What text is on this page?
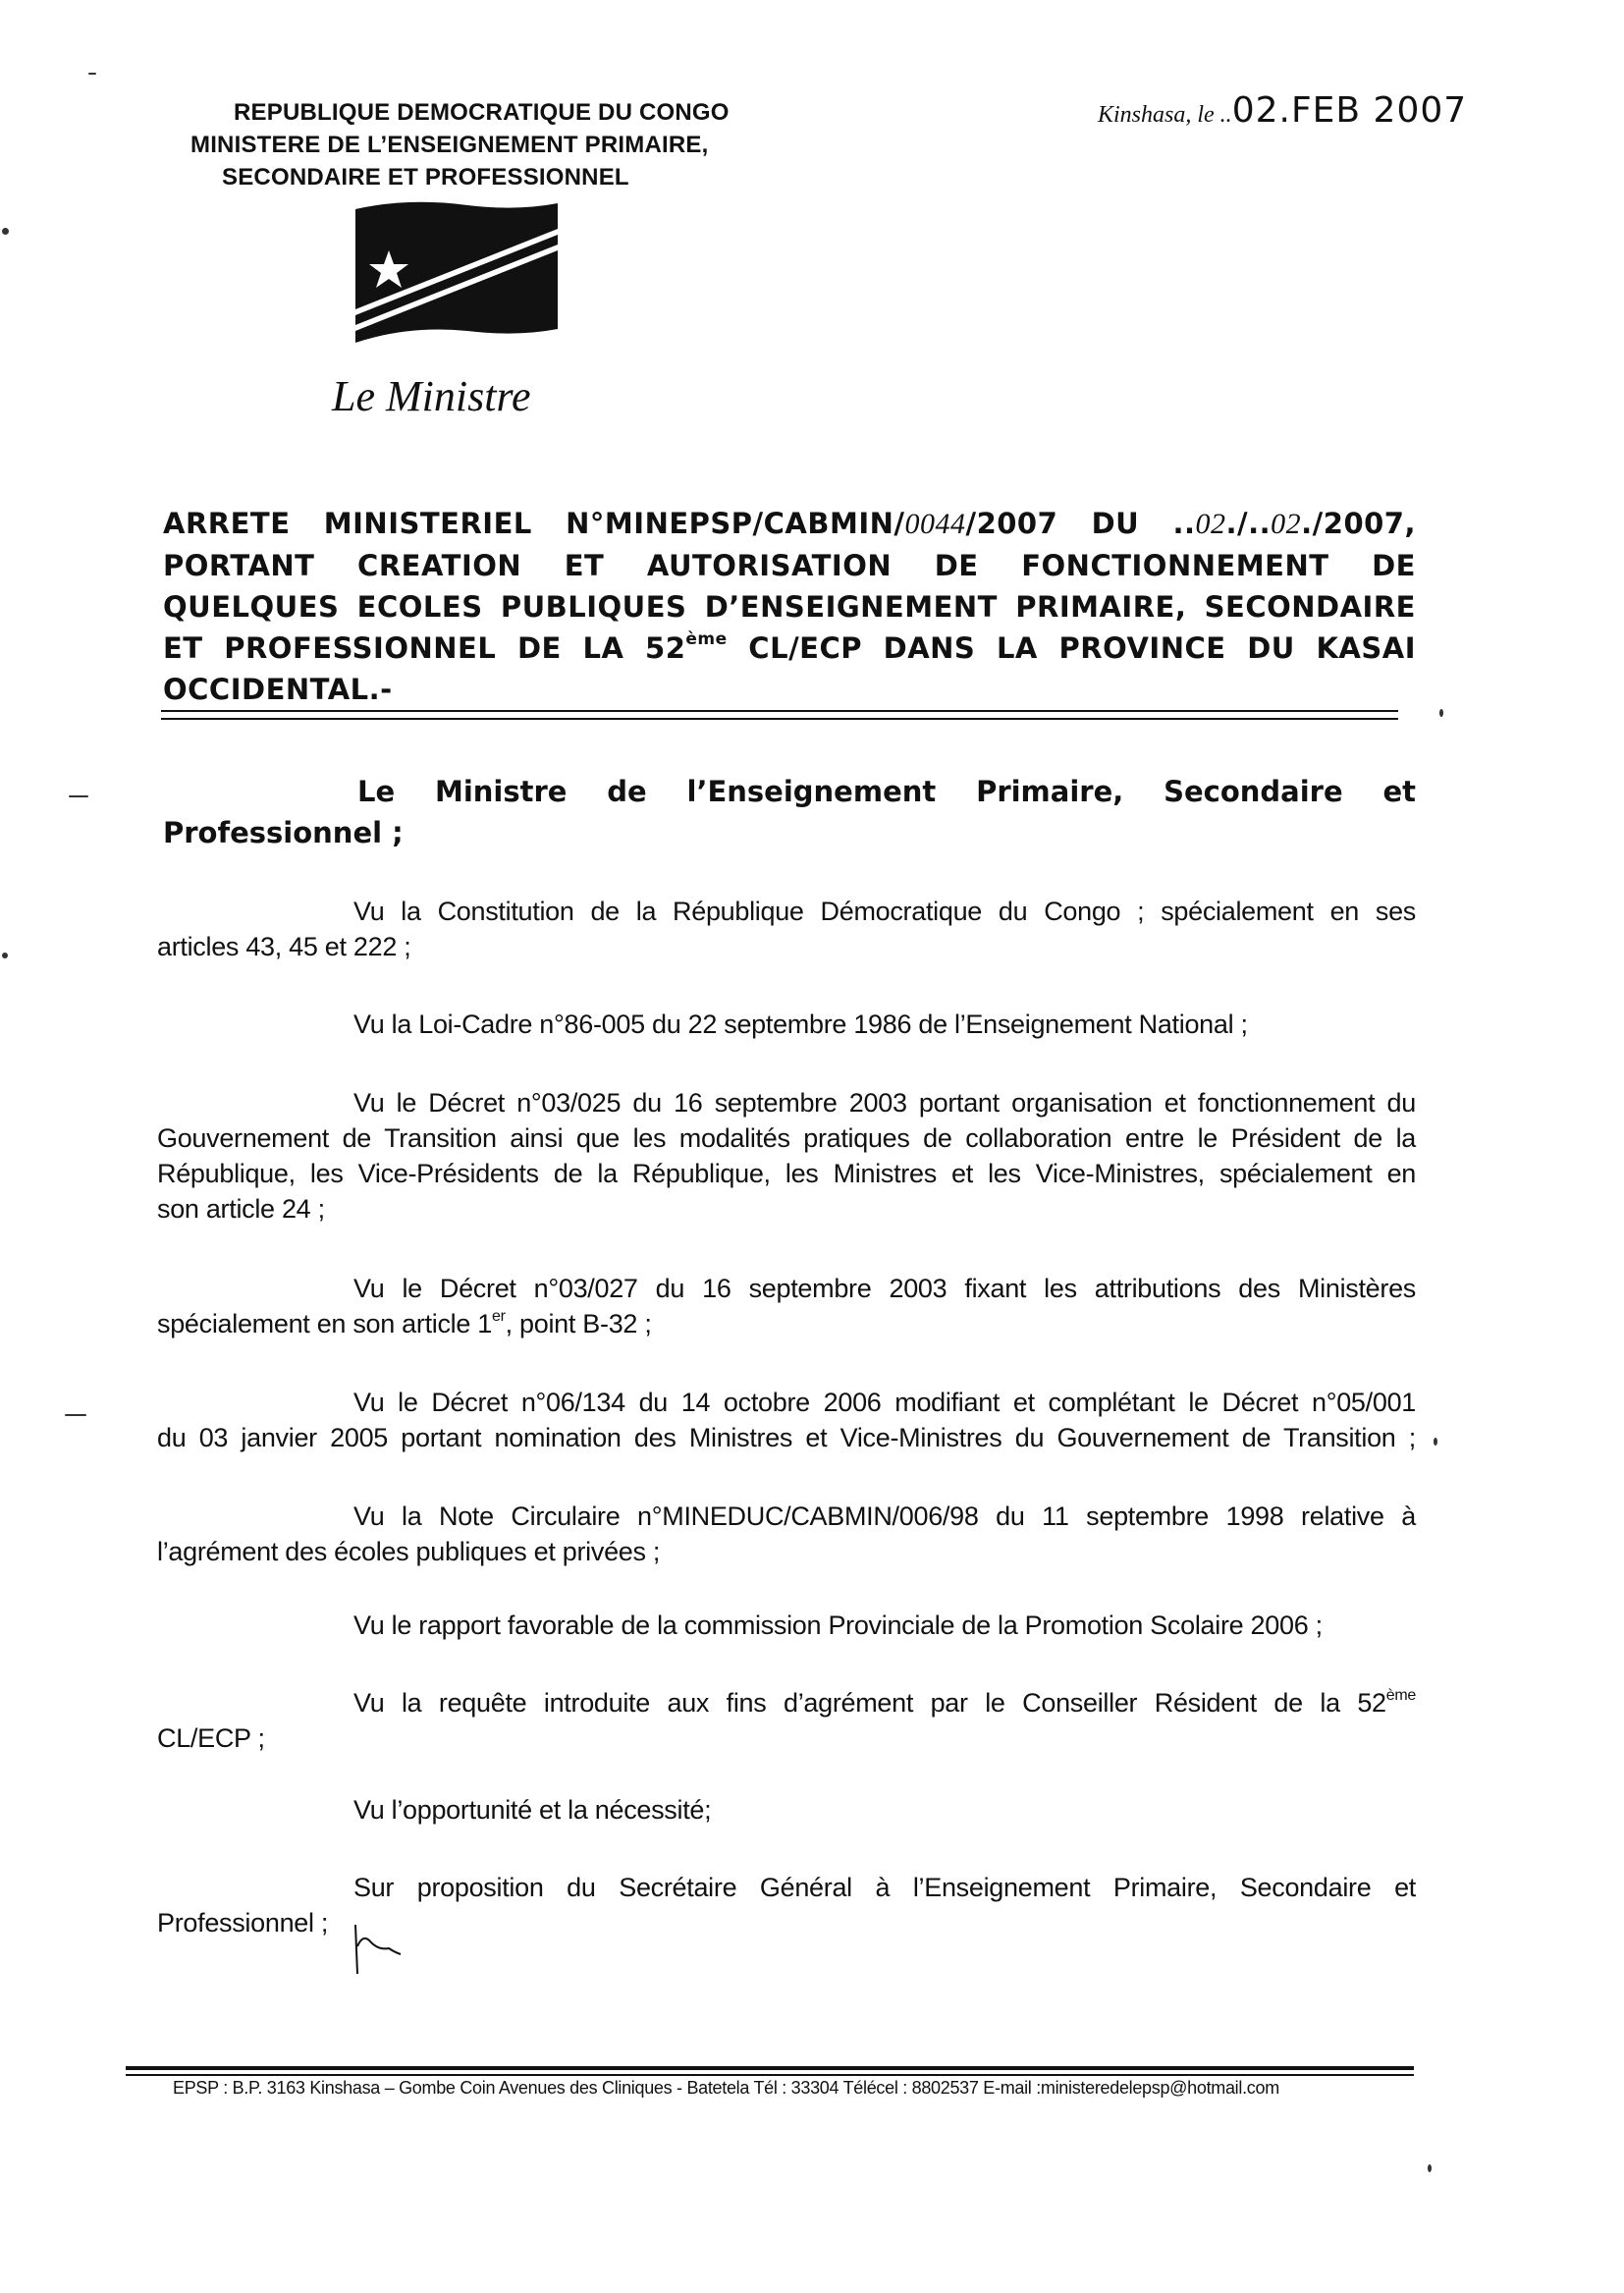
REPUBLIQUE DEMOCRATIQUE DU CONGO
MINISTERE DE L’ENSEIGNEMENT PRIMAIRE,
SECONDAIRE ET PROFESSIONNEL
Kinshasa, le ..02.FEB 2007
Le Ministre
ARRETE MINISTERIEL N°MINEPSP/CABMIN/0044/2007 DU ..02./..02./2007,
PORTANT CREATION ET AUTORISATION DE FONCTIONNEMENT DE
QUELQUES ECOLES PUBLIQUES D’ENSEIGNEMENT PRIMAIRE, SECONDAIRE
ET PROFESSIONNEL DE LA 52ème CL/ECP DANS LA PROVINCE DU KASAI
OCCIDENTAL.-
Le Ministre de l’Enseignement Primaire, Secondaire et
Professionnel ;
Vu la Constitution de la République Démocratique du Congo ; spécialement en ses
articles 43, 45 et 222 ;
Vu la Loi-Cadre n°86-005 du 22 septembre 1986 de l’Enseignement National ;
Vu le Décret n°03/025 du 16 septembre 2003 portant organisation et fonctionnement du
Gouvernement de Transition ainsi que les modalités pratiques de collaboration entre le Président de la
République, les Vice-Présidents de la République, les Ministres et les Vice-Ministres, spécialement en
son article 24 ;
Vu le Décret n°03/027 du 16 septembre 2003 fixant les attributions des Ministères
spécialement en son article 1er, point B-32 ;
Vu le Décret n°06/134 du 14 octobre 2006 modifiant et complétant le Décret n°05/001
du 03 janvier 2005 portant nomination des Ministres et Vice-Ministres du Gouvernement de Transition ;
Vu la Note Circulaire n°MINEDUC/CABMIN/006/98 du 11 septembre 1998 relative à
l’agrément des écoles publiques et privées ;
Vu le rapport favorable de la commission Provinciale de la Promotion Scolaire 2006 ;
Vu la requête introduite aux fins d’agrément par le Conseiller Résident de la 52ème
CL/ECP ;
Vu l’opportunité et la nécessité;
Sur proposition du Secrétaire Général à l’Enseignement Primaire, Secondaire et
Professionnel ;
EPSP : B.P. 3163 Kinshasa – Gombe Coin Avenues des Cliniques - Batetela Tél : 33304 Télécel : 8802537 E-mail :ministeredelepsp@hotmail.com
